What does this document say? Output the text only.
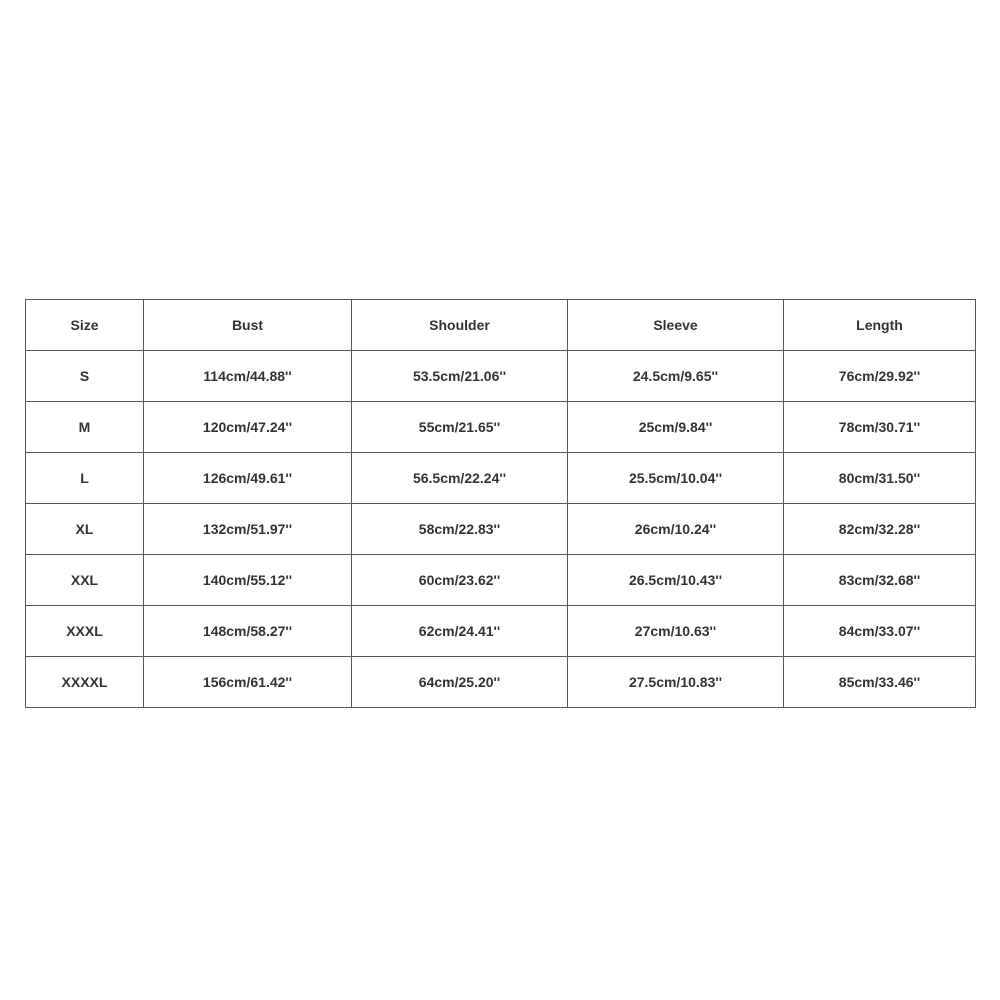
Size	Bust	Shoulder	Sleeve	Length
S	114cm/44.88''	53.5cm/21.06''	24.5cm/9.65''	76cm/29.92''
M	120cm/47.24''	55cm/21.65''	25cm/9.84''	78cm/30.71''
L	126cm/49.61''	56.5cm/22.24''	25.5cm/10.04''	80cm/31.50''
XL	132cm/51.97''	58cm/22.83''	26cm/10.24''	82cm/32.28''
XXL	140cm/55.12''	60cm/23.62''	26.5cm/10.43''	83cm/32.68''
XXXL	148cm/58.27''	62cm/24.41''	27cm/10.63''	84cm/33.07''
XXXXL	156cm/61.42''	64cm/25.20''	27.5cm/10.83''	85cm/33.46''
